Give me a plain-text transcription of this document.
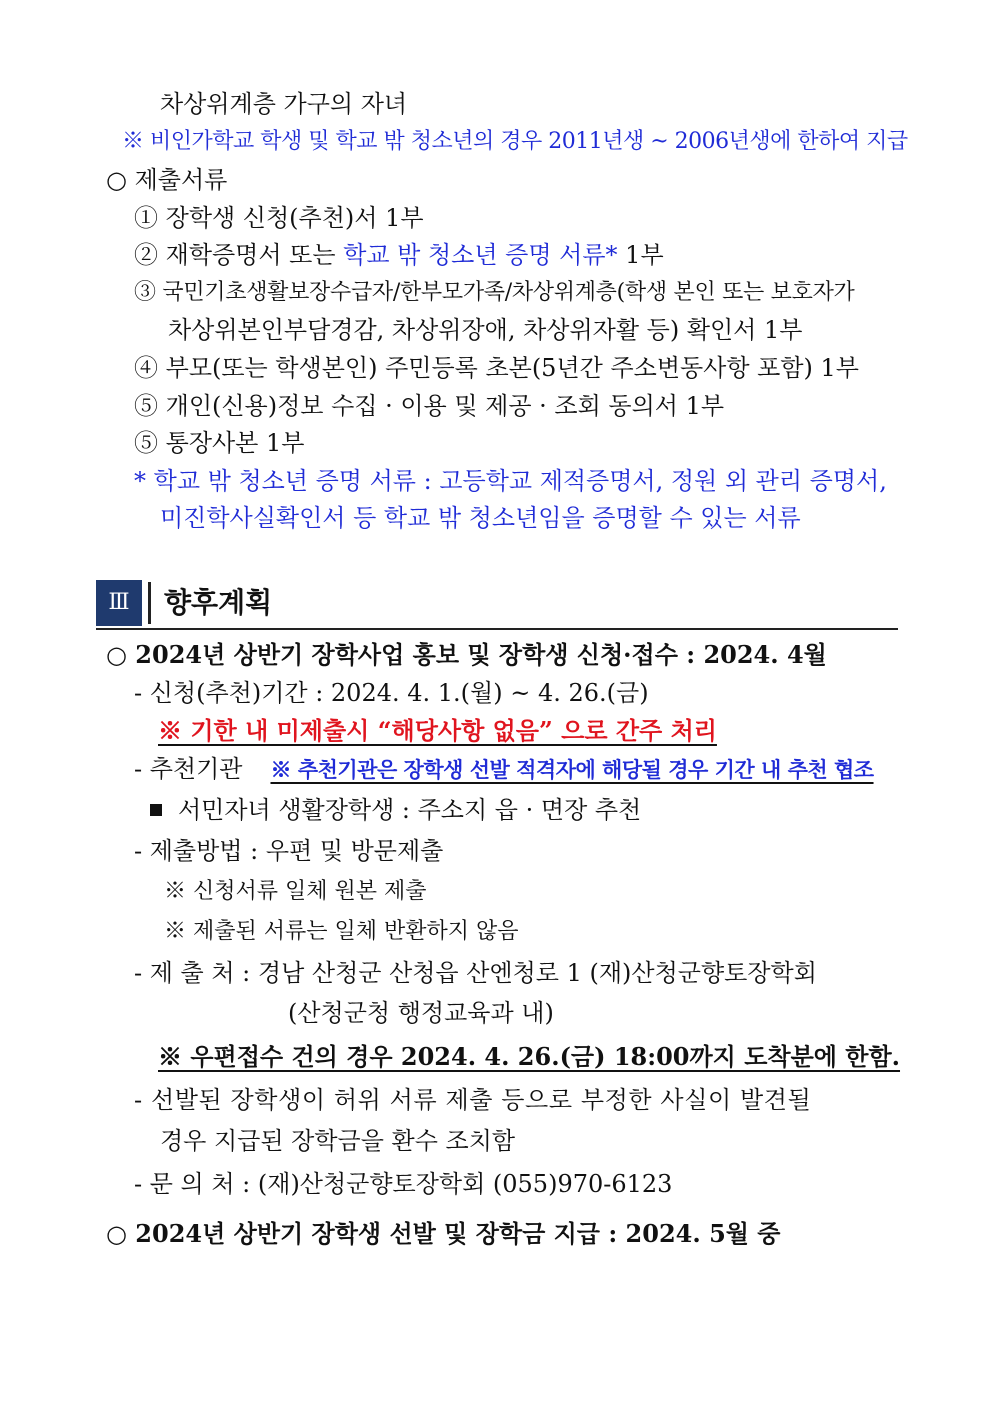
차상위계층 가구의 자녀
※ 비인가학교 학생 및 학교 밖 청소년의 경우 2011년생 ~ 2006년생에 한하여 지급
○ 제출서류
① 장학생 신청(추천)서 1부
② 재학증명서 또는 학교 밖 청소년 증명 서류* 1부
③ 국민기초생활보장수급자/한부모가족/차상위계층(학생 본인 또는 보호자가
차상위본인부담경감, 차상위장애, 차상위자활 등) 확인서 1부
④ 부모(또는 학생본인) 주민등록 초본(5년간 주소변동사항 포함) 1부
⑤ 개인(신용)정보 수집 · 이용 및 제공 · 조회 동의서 1부
⑤ 통장사본 1부
* 학교 밖 청소년 증명 서류 : 고등학교 제적증명서, 정원 외 관리 증명서,
미진학사실확인서 등 학교 밖 청소년임을 증명할 수 있는 서류
Ⅲ	향후계획
○ 2024년 상반기 장학사업 홍보 및 장학생 신청·접수 : 2024. 4월
- 신청(추천)기간 : 2024. 4. 1.(월) ~ 4. 26.(금)
※ 기한 내 미제출시 “해당사항 없음” 으로 간주 처리
- 추천기관 ※ 추천기관은 장학생 선발 적격자에 해당될 경우 기간 내 추천 협조
서민자녀 생활장학생 : 주소지 읍 · 면장 추천
- 제출방법 : 우편 및 방문제출
※ 신청서류 일체 원본 제출
※ 제출된 서류는 일체 반환하지 않음
- 제 출 처 : 경남 산청군 산청읍 산엔청로 1 (재)산청군향토장학회
(산청군청 행정교육과 내)
※ 우편접수 건의 경우 2024. 4. 26.(금) 18:00까지 도착분에 한함.
- 선발된 장학생이 허위 서류 제출 등으로 부정한 사실이 발견될
경우 지급된 장학금을 환수 조치함
- 문 의 처 : (재)산청군향토장학회 (055)970-6123
○ 2024년 상반기 장학생 선발 및 장학금 지급 : 2024. 5월 중
